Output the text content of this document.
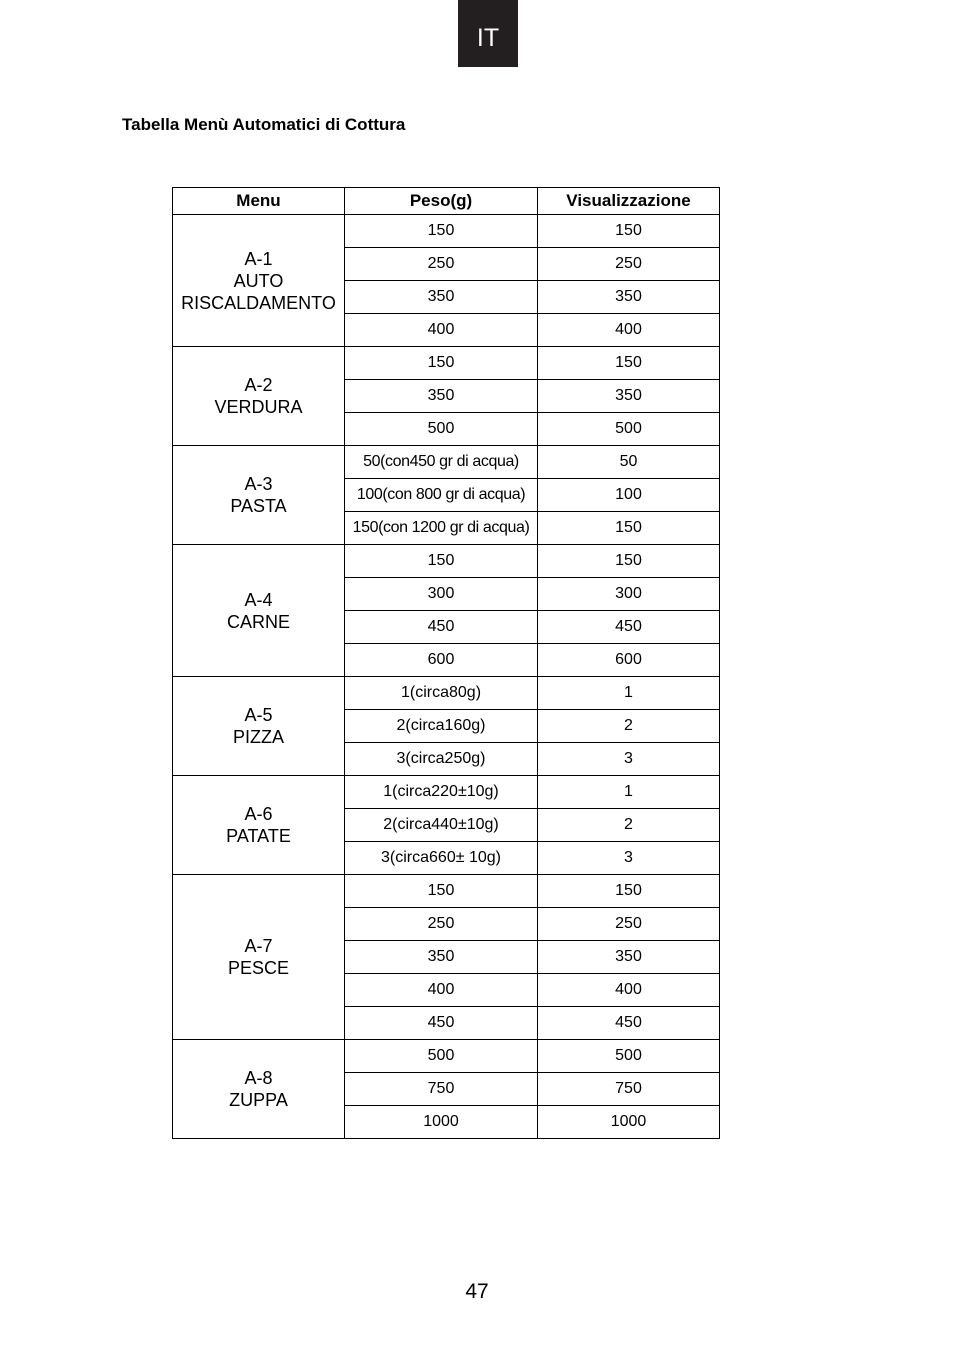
IT
Tabella Menù Automatici di Cottura
Menu	Peso(g)	Visualizzazione

A-1
AUTO
RISCALDAMENTO	150	150
	250	250
	350	350
	400	400

A-2
VERDURA	150	150
	350	350
	500	500

A-3
PASTA	50(con450 gr di acqua)	50
	100(con 800 gr di acqua)	100
	150(con 1200 gr di acqua)	150

A-4
CARNE	150	150
	300	300
	450	450
	600	600

A-5
PIZZA	1(circa80g)	1
	2(circa160g)	2
	3(circa250g)	3

A-6
PATATE	1(circa220±10g)	1
	2(circa440±10g)	2
	3(circa660± 10g)	3

A-7
PESCE	150	150
	250	250
	350	350
	400	400
	450	450

A-8
ZUPPA	500	500
	750	750
	1000	1000
47
